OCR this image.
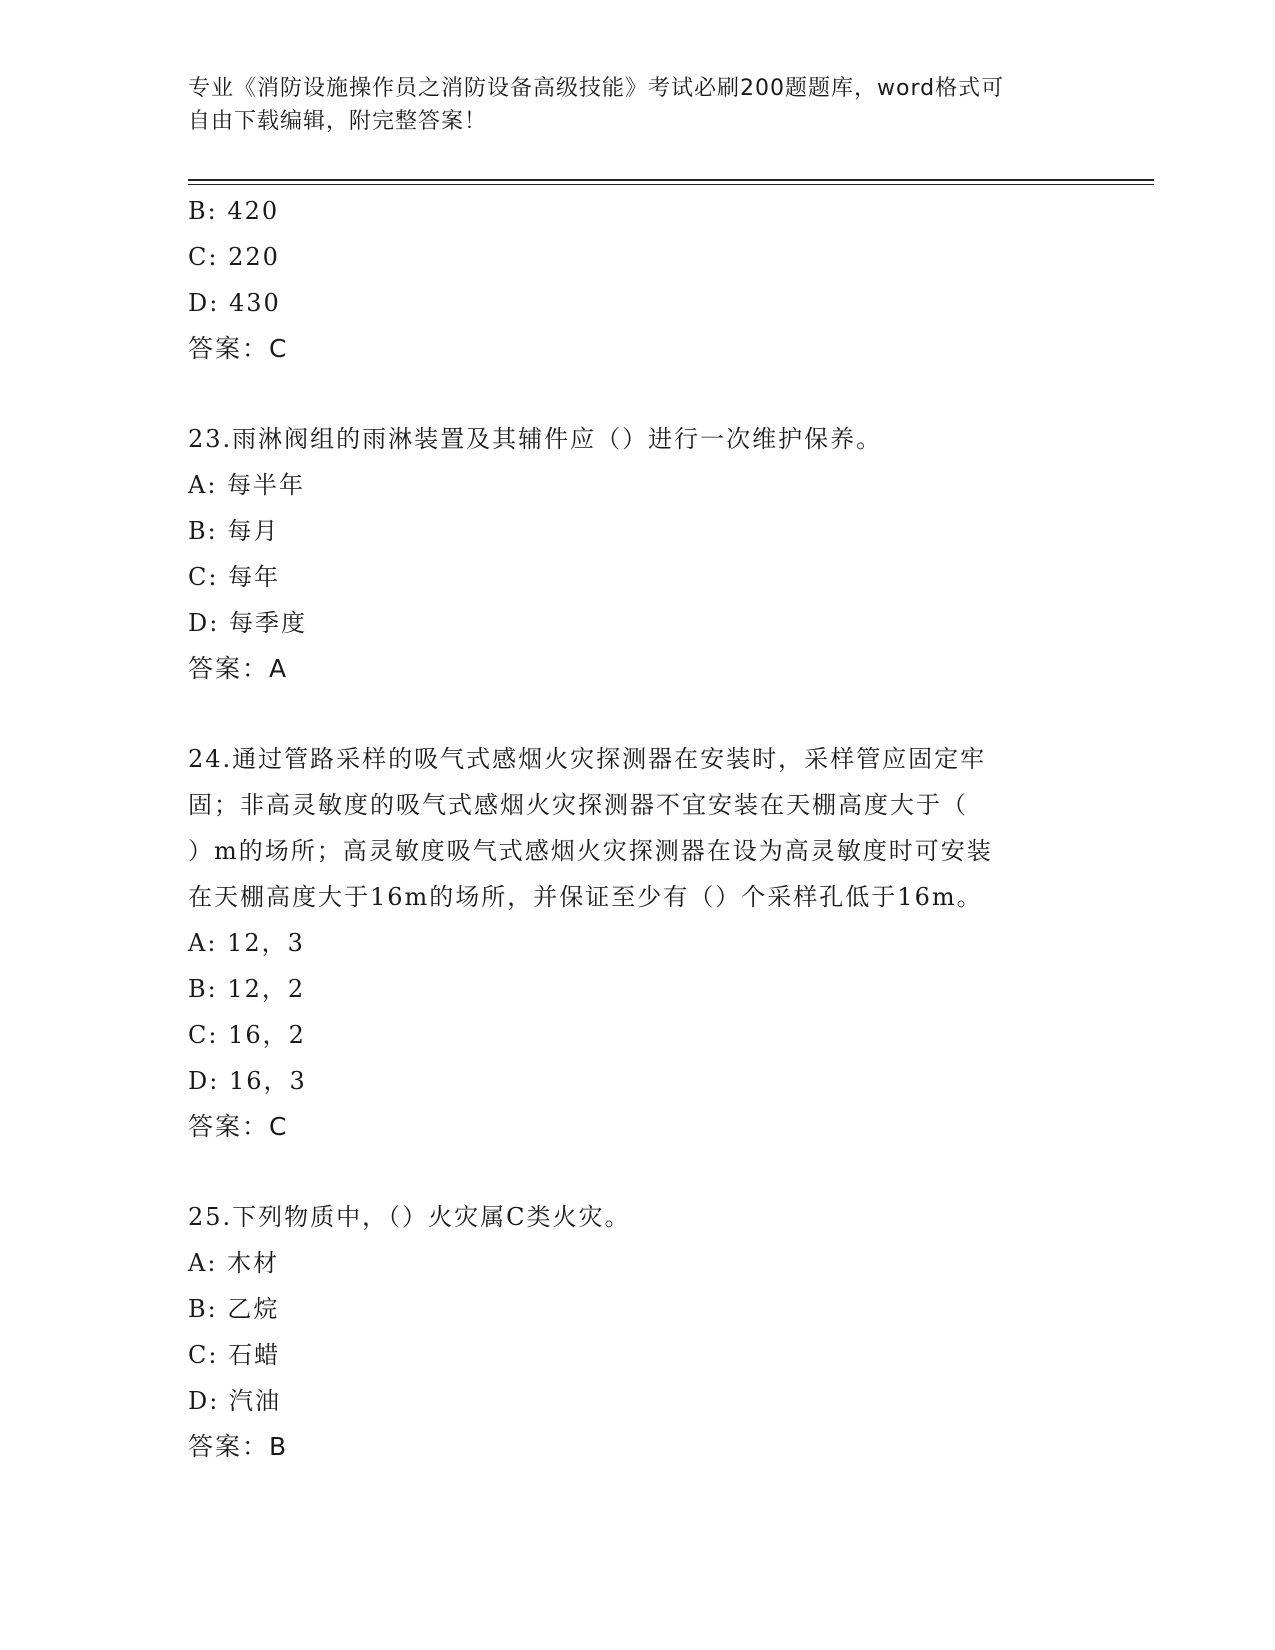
专业《消防设施操作员之消防设备高级技能》考试必刷200题题库，word格式可

自由下载编辑，附完整答案！

B: 420
C: 220
D: 430
答案：C
23.雨淋阀组的雨淋装置及其辅件应（）进行一次维护保养。
A: 每半年
B: 每月
C: 每年
D: 每季度
答案：A
24.通过管路采样的吸气式感烟火灾探测器在安装时，采样管应固定牢
固；非高灵敏度的吸气式感烟火灾探测器不宜安装在天棚高度大于（
）m的场所；高灵敏度吸气式感烟火灾探测器在设为高灵敏度时可安装
在天棚高度大于16m的场所，并保证至少有（）个采样孔低于16m。
A: 12，3
B: 12，2
C: 16，2
D: 16，3
答案：C
25.下列物质中，（）火灾属C类火灾。
A: 木材
B: 乙烷
C: 石蜡
D: 汽油
答案：B
